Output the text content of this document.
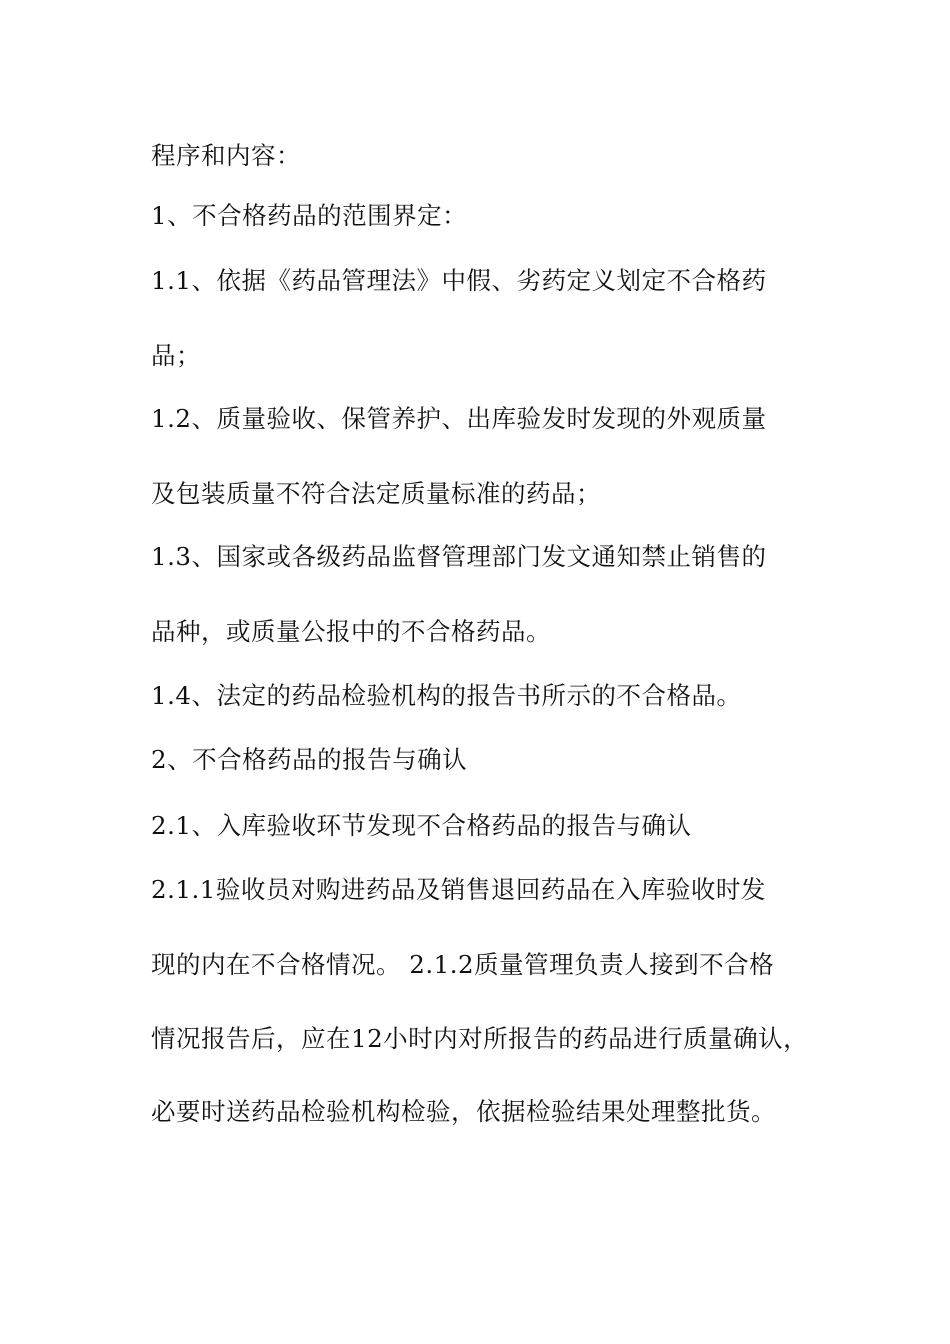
程序和内容：
1、不合格药品的范围界定：
1.1、依据《药品管理法》中假、劣药定义划定不合格药
品；
1.2、质量验收、保管养护、出库验发时发现的外观质量
及包装质量不符合法定质量标准的药品；
1.3、国家或各级药品监督管理部门发文通知禁止销售的
品种，或质量公报中的不合格药品。
1.4、法定的药品检验机构的报告书所示的不合格品。
2、不合格药品的报告与确认
2.1、入库验收环节发现不合格药品的报告与确认
2.1.1验收员对购进药品及销售退回药品在入库验收时发
现的内在不合格情况。 2.1.2质量管理负责人接到不合格
情况报告后，应在12小时内对所报告的药品进行质量确认，
必要时送药品检验机构检验，依据检验结果处理整批货。
